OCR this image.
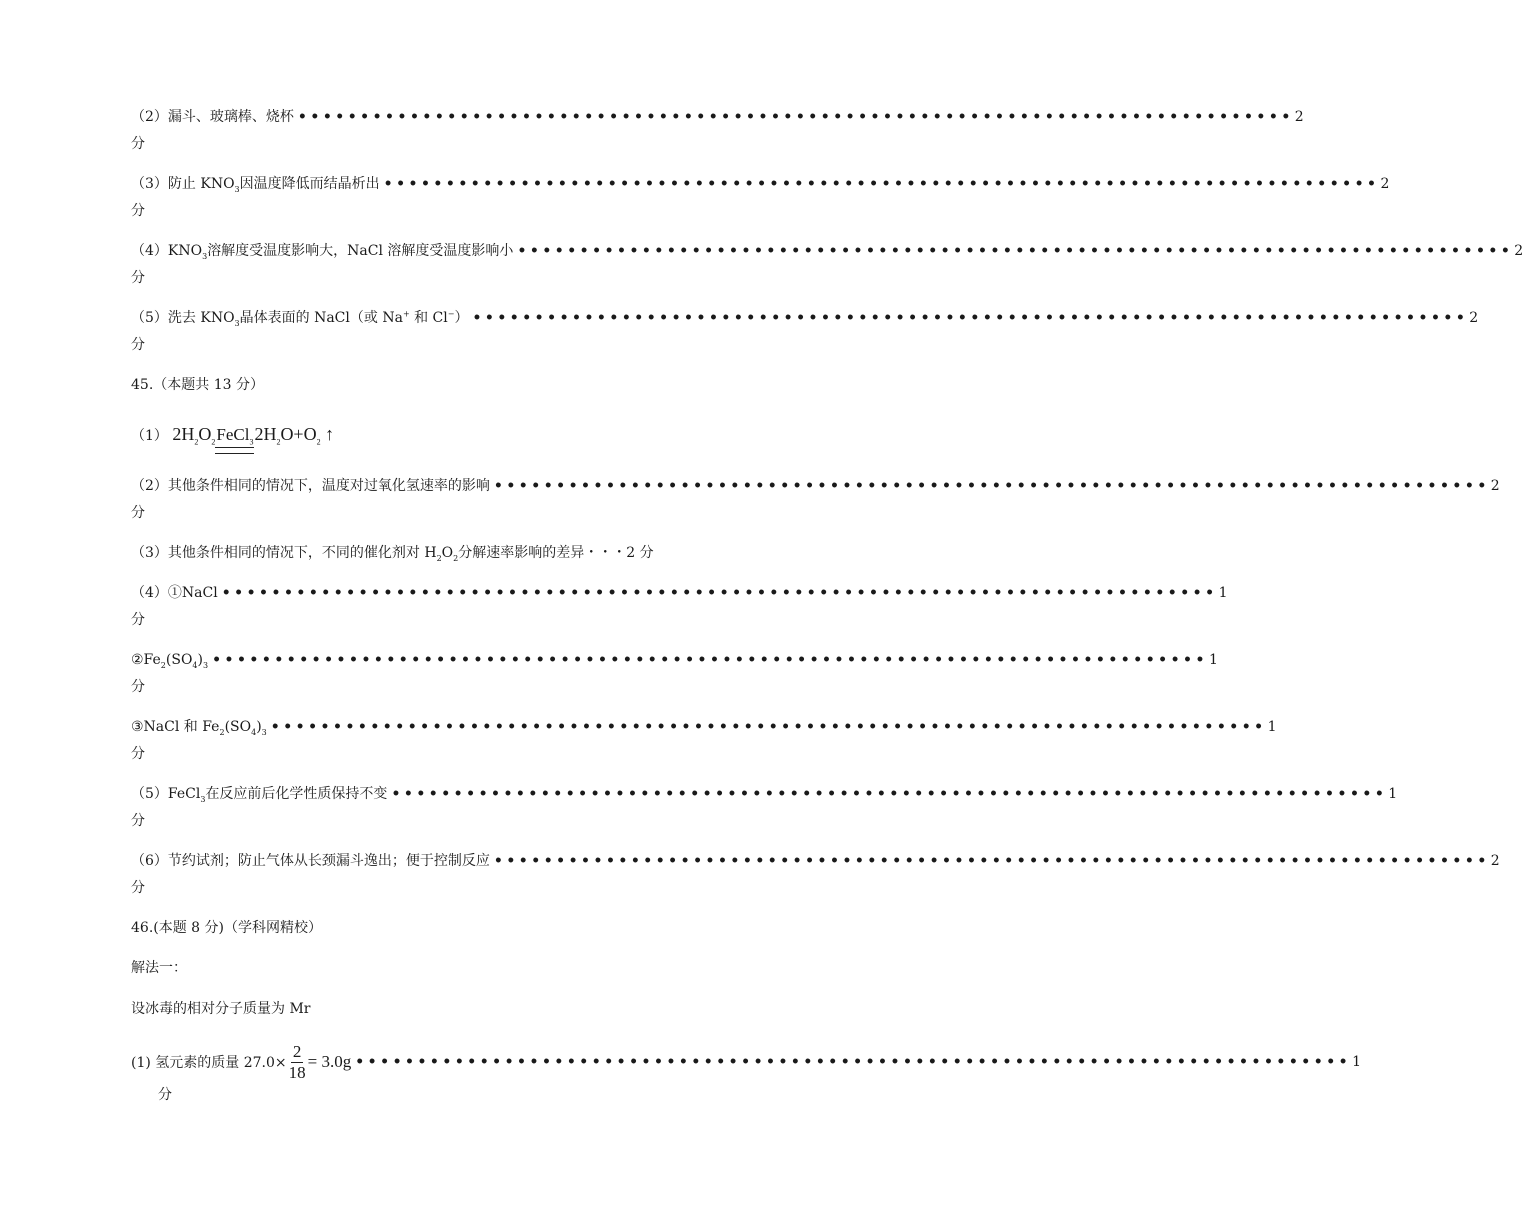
（2）漏斗、玻璃棒、烧杯 •••••••••••••••••••••••••••••••••••••••••••••••••••••••••••••••••••••••••••••••• 2
分
（3）防止 $KNO_3$因温度降低而结晶析出 •••••••••••••••••••••••••••••••••••••••••••••••••••••••••••••••••••••••••••••••• 2
分
$(4)KNO_3$溶解度受温度影响大，NaCl 溶解度受温度影响小 •••••••••••••••••••••••••••••••••••••••••••••••••••••••••••••••••••••••••••••••• 2
分
（5）洗去 $KNO_3$晶体表面的 NaCl（或 Na+ 和 Cl−） •••••••••••••••••••••••••••••••••••••••••••••••••••••••••••••••••••••••••••••••• 2
分
45.（本题共 13 分）
（1） $2H_2O_2FeCl_3$
$2H_2O+O_2$ ↑
（2）其他条件相同的情况下，温度对过氧化氢速率的影响 •••••••••••••••••••••••••••••••••••••••••••••••••••••••••••••••••••••••••••••••• 2
分
（3）其他条件相同的情况下，不同的催化剂对 $H_2O_2$分解速率影响的差异・・・2 分
（4）①NaCl •••••••••••••••••••••••••••••••••••••••••••••••••••••••••••••••••••••••••••••••• 1
分
$②Fe_2(SO_4)_3$ •••••••••••••••••••••••••••••••••••••••••••••••••••••••••••••••••••••••••••••••• 1
分
③NaCl 和 $Fe_2(SO_4)_3$ •••••••••••••••••••••••••••••••••••••••••••••••••••••••••••••••••••••••••••••••• 1
分
（5）FeCl$_3$在反应前后化学性质保持不变 •••••••••••••••••••••••••••••••••••••••••••••••••••••••••••••••••••••••••••••••• 1
分
（6）节约试剂；防止气体从长颈漏斗逸出；便于控制反应 •••••••••••••••••••••••••••••••••••••••••••••••••••••••••••••••••••••••••••••••• 2
分
46.(本题 8 分)（学科网精校）
解法一：
设冰毒的相对分子质量为 Mr
(1) 氢元素的质量 $27.0\times \frac{2}{18} = 3.0g$ •••••••••••••••••••••••••••••••••••••••••••••••••••••••••••••••••••••••••••••••• 1
分
